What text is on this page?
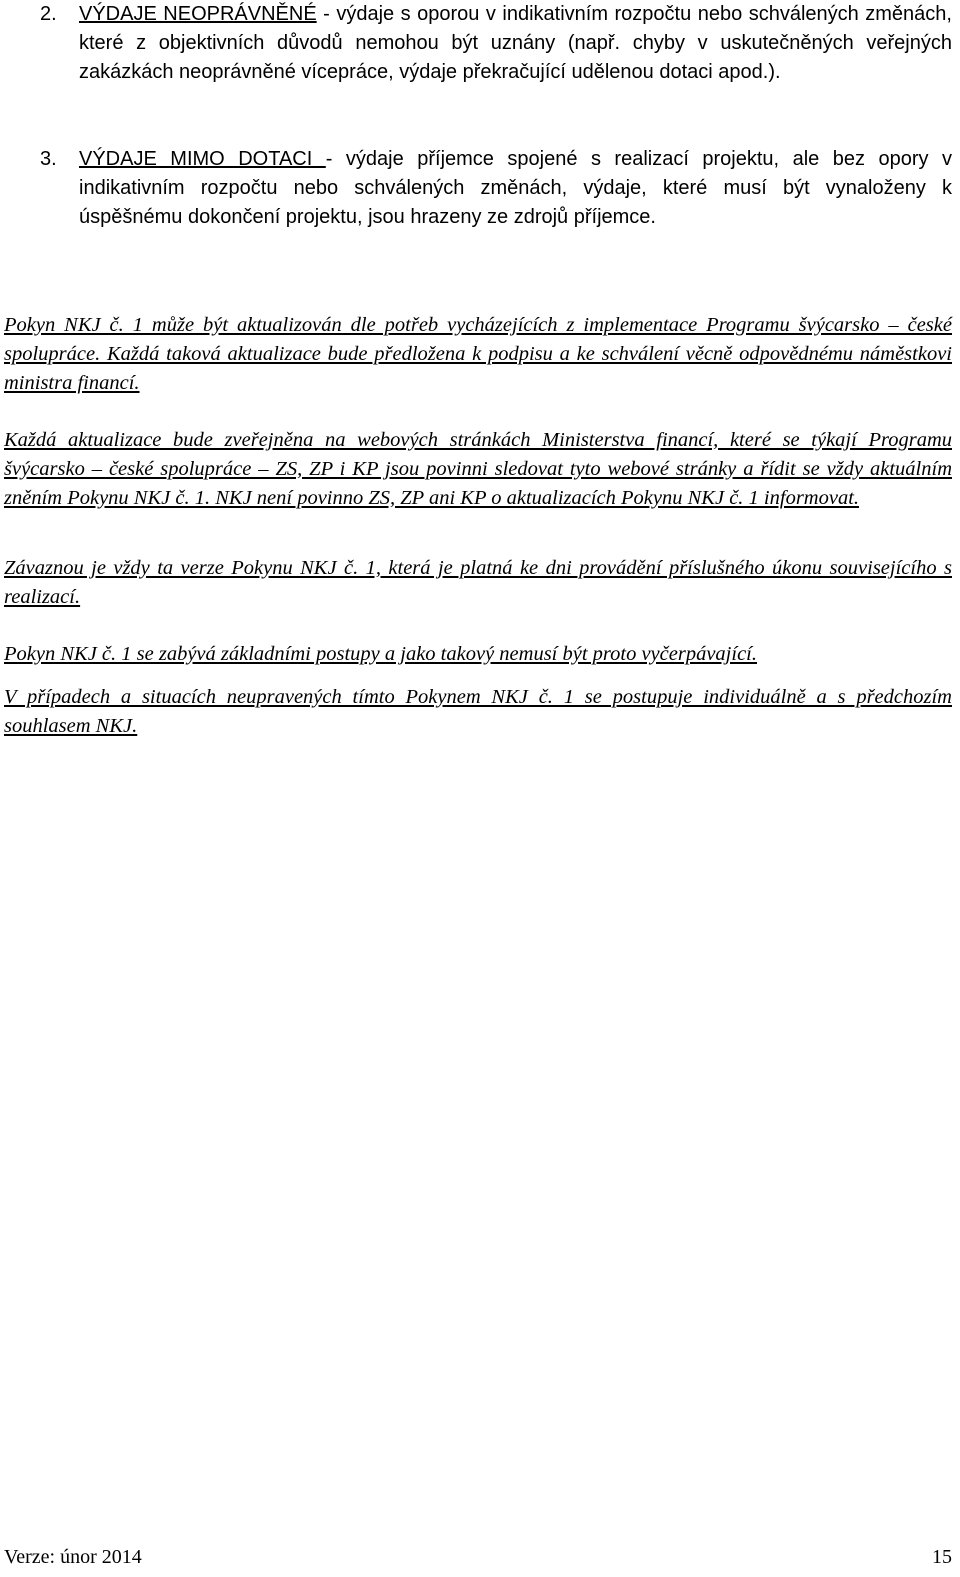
2. VÝDAJE NEOPRÁVNĚNÉ - výdaje s oporou v indikativním rozpočtu nebo schválených změnách, které z objektivních důvodů nemohou být uznány (např. chyby v uskutečněných veřejných zakázkách neoprávněné vícepráce, výdaje překračující udělenou dotaci apod.).
3. VÝDAJE MIMO DOTACI - výdaje příjemce spojené s realizací projektu, ale bez opory v indikativním rozpočtu nebo schválených změnách, výdaje, které musí být vynaloženy k úspěšnému dokončení projektu, jsou hrazeny ze zdrojů příjemce.

Pokyn NKJ č. 1 může být aktualizován dle potřeb vycházejících z implementace Programu švýcarsko – české spolupráce. Každá taková aktualizace bude předložena k podpisu a ke schválení věcně odpovědnému náměstkovi ministra financí.

Každá aktualizace bude zveřejněna na webových stránkách Ministerstva financí, které se týkají Programu švýcarsko – české spolupráce – ZS, ZP i KP jsou povinni sledovat tyto webové stránky a řídit se vždy aktuálním zněním Pokynu NKJ č. 1. NKJ není povinno ZS, ZP ani KP o aktualizacích Pokynu NKJ č. 1 informovat.

Závaznou je vždy ta verze Pokynu NKJ č. 1, která je platná ke dni provádění příslušného úkonu souvisejícího s realizací.

Pokyn NKJ č. 1 se zabývá základními postupy a jako takový nemusí být proto vyčerpávající.

V případech a situacích neupravených tímto Pokynem NKJ č. 1 se postupuje individuálně a s předchozím souhlasem NKJ.

Verze: únor 2014	15
